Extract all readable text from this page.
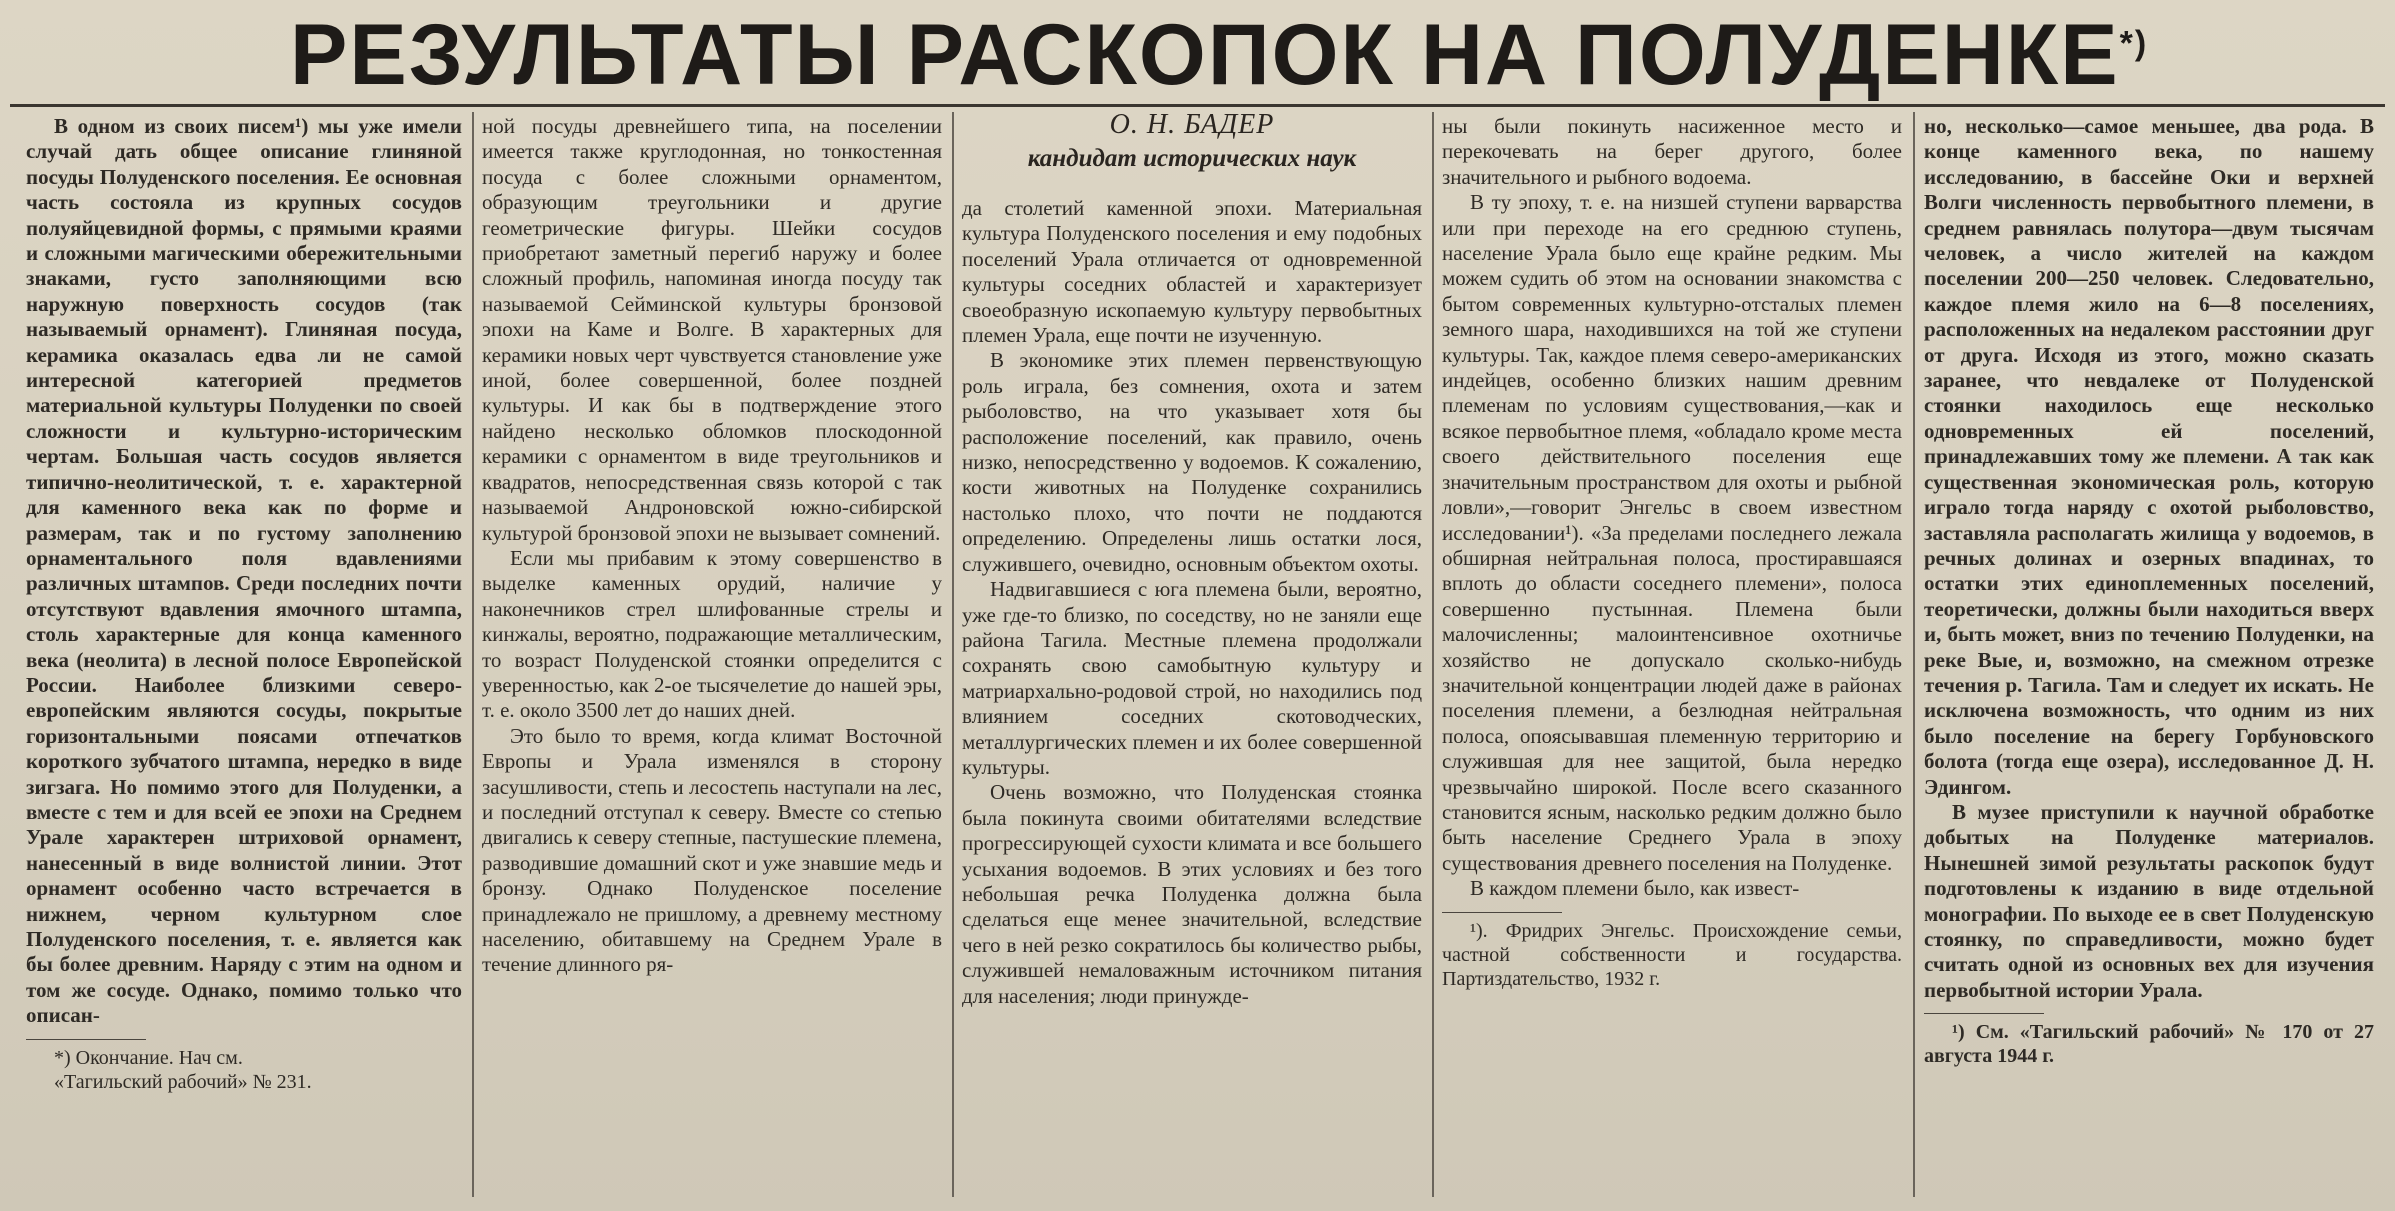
РЕЗУЛЬТАТЫ РАСКОПОК НА ПОЛУДЕНКЕ*)

В одном из своих писем¹) мы уже имели случай дать общее описание глиняной посуды Полуденского поселения. Ее основная часть состояла из крупных сосудов полуяйцевидной формы, с прямыми краями и сложными магическими обережительными знаками, густо заполняющими всю наружную поверхность сосудов (так называемый орнамент). Глиняная посуда, керамика оказалась едва ли не самой интересной категорией предметов материальной культуры Полуденки по своей сложности и культурно-историческим чертам. Большая часть сосудов является типично-неолитической, т. е. характерной для каменного века как по форме и размерам, так и по густому заполнению орнаментального поля вдавлениями различных штампов. Среди последних почти отсутствуют вдавления ямочного штампа, столь характерные для конца каменного века (неолита) в лесной полосе Европейской России. Наиболее близкими северо-европейским являются сосуды, покрытые горизонтальными поясами отпечатков короткого зубчатого штампа, нередко в виде зигзага. Но помимо этого для Полуденки, а вместе с тем и для всей ее эпохи на Среднем Урале характерен штриховой орнамент, нанесенный в виде волнистой линии. Этот орнамент особенно часто встречается в нижнем, черном культурном слое Полуденского поселения, т. е. является как бы более древним. Наряду с этим на одном и том же сосуде. Однако, помимо только что описан-

*) Окончание. Нач см.

«Тагильский рабочий» № 231.

ной посуды древнейшего типа, на поселении имеется также круглодонная, но тонкостенная посуда с более сложными орнаментом, образующим треугольники и другие геометрические фигуры. Шейки сосудов приобретают заметный перегиб наружу и более сложный профиль, напоминая иногда посуду так называемой Сейминской культуры бронзовой эпохи на Каме и Волге. В характерных для керамики новых черт чувствуется становление уже иной, более совершенной, более поздней культуры. И как бы в подтверждение этого найдено несколько обломков плоскодонной керамики с орнаментом в виде треугольников и квадратов, непосредственная связь которой с так называемой Андроновской южно-сибирской культурой бронзовой эпохи не вызывает сомнений.

Если мы прибавим к этому совершенство в выделке каменных орудий, наличие у наконечников стрел шлифованные стрелы и кинжалы, вероятно, подражающие металлическим, то возраст Полуденской стоянки определится с уверенностью, как 2-ое тысячелетие до нашей эры, т. е. около 3500 лет до наших дней.

Это было то время, когда климат Восточной Европы и Урала изменялся в сторону засушливости, степь и лесостепь наступали на лес, и последний отступал к северу. Вместе со степью двигались к северу степные, пастушеские племена, разводившие домашний скот и уже знавшие медь и бронзу. Однако Полуденское поселение принадлежало не пришлому, а древнему местному населению, обитавшему на Среднем Урале в течение длинного ря-

О. Н. БАДЕР
кандидат исторических наук

да столетий каменной эпохи. Материальная культура Полуденского поселения и ему подобных поселений Урала отличается от одновременной культуры соседних областей и характеризует своеобразную ископаемую культуру первобытных племен Урала, еще почти не изученную.

В экономике этих племен первенствующую роль играла, без сомнения, охота и затем рыболовство, на что указывает хотя бы расположение поселений, как правило, очень низко, непосредственно у водоемов. К сожалению, кости животных на Полуденке сохранились настолько плохо, что почти не поддаются определению. Определены лишь остатки лося, служившего, очевидно, основным объектом охоты.

Надвигавшиеся с юга племена были, вероятно, уже где-то близко, по соседству, но не заняли еще района Тагила. Местные племена продолжали сохранять свою самобытную культуру и матриархально-родовой строй, но находились под влиянием соседних скотоводческих, металлургических племен и их более совершенной культуры.

Очень возможно, что Полуденская стоянка была покинута своими обитателями вследствие прогрессирующей сухости климата и все большего усыхания водоемов. В этих условиях и без того небольшая речка Полуденка должна была сделаться еще менее значительной, вследствие чего в ней резко сократилось бы количество рыбы, служившей немаловажным источником питания для населения; люди принужде-

ны были покинуть насиженное место и перекочевать на берег другого, более значительного и рыбного водоема.

В ту эпоху, т. е. на низшей ступени варварства или при переходе на его среднюю ступень, население Урала было еще крайне редким. Мы можем судить об этом на основании знакомства с бытом современных культурно-отсталых племен земного шара, находившихся на той же ступени культуры. Так, каждое племя северо-американских индейцев, особенно близких нашим древним племенам по условиям существования,—как и всякое первобытное племя, «обладало кроме места своего действительного поселения еще значительным пространством для охоты и рыбной ловли»,—говорит Энгельс в своем известном исследовании¹). «За пределами последнего лежала обширная нейтральная полоса, простиравшаяся вплоть до области соседнего племени», полоса совершенно пустынная. Племена были малочисленны; малоинтенсивное охотничье хозяйство не допускало сколько-нибудь значительной концентрации людей даже в районах поселения племени, а безлюдная нейтральная полоса, опоясывавшая племенную территорию и служившая для нее защитой, была нередко чрезвычайно широкой. После всего сказанного становится ясным, насколько редким должно было быть население Среднего Урала в эпоху существования древнего поселения на Полуденке.

В каждом племени было, как извест-

¹). Фридрих Энгельс. Происхождение семьи, частной собственности и государства. Партиздательство, 1932 г.

но, несколько—самое меньшее, два рода. В конце каменного века, по нашему исследованию, в бассейне Оки и верхней Волги численность первобытного племени, в среднем равнялась полутора—двум тысячам человек, а число жителей на каждом поселении 200—250 человек. Следовательно, каждое племя жило на 6—8 поселениях, расположенных на недалеком расстоянии друг от друга. Исходя из этого, можно сказать заранее, что невдалеке от Полуденской стоянки находилось еще несколько одновременных ей поселений, принадлежавших тому же племени. А так как существенная экономическая роль, которую играло тогда наряду с охотой рыболовство, заставляла располагать жилища у водоемов, в речных долинах и озерных впадинах, то остатки этих единоплеменных поселений, теоретически, должны были находиться вверх и, быть может, вниз по течению Полуденки, на реке Вые, и, возможно, на смежном отрезке течения р. Тагила. Там и следует их искать. Не исключена возможность, что одним из них было поселение на берегу Горбуновского болота (тогда еще озера), исследованное Д. Н. Эдингом.

В музее приступили к научной обработке добытых на Полуденке материалов. Нынешней зимой результаты раскопок будут подготовлены к изданию в виде отдельной монографии. По выходе ее в свет Полуденскую стоянку, по справедливости, можно будет считать одной из основных вех для изучения первобытной истории Урала.

¹) См. «Тагильский рабочий» № 170 от 27 августа 1944 г.
